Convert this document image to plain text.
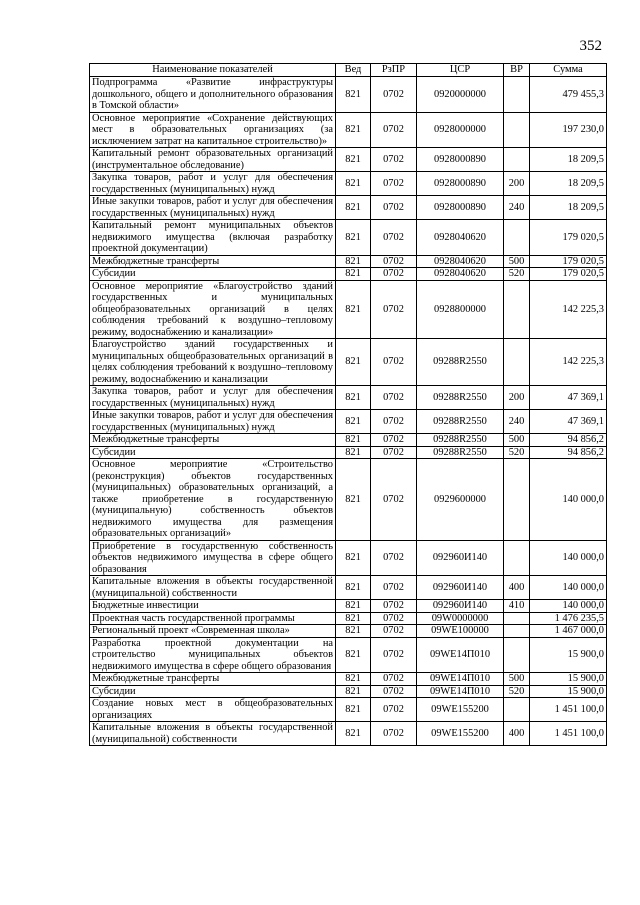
352
Наименование показателей	Вед	РзПР	ЦСР	ВР	Сумма
Подпрограмма «Развитие инфраструктуры дошкольного, общего и дополнительного образования в Томской области»	821	0702	0920000000		479 455,3
Основное мероприятие «Сохранение действующих мест в образовательных организациях (за исключением затрат на капитальное строительство)»	821	0702	0928000000		197 230,0
Капитальный ремонт образовательных организаций (инструментальное обследование)	821	0702	0928000890		18 209,5
Закупка товаров, работ и услуг для обеспечения государственных (муниципальных) нужд	821	0702	0928000890	200	18 209,5
Иные закупки товаров, работ и услуг для обеспечения государственных (муниципальных) нужд	821	0702	0928000890	240	18 209,5
Капитальный ремонт муниципальных объектов недвижимого имущества (включая разработку проектной документации)	821	0702	0928040620		179 020,5
Межбюджетные трансферты	821	0702	0928040620	500	179 020,5
Субсидии	821	0702	0928040620	520	179 020,5
Основное мероприятие «Благоустройство зданий государственных и муниципальных общеобразовательных организаций в целях соблюдения требований к воздушно–тепловому режиму, водоснабжению и канализации»	821	0702	0928800000		142 225,3
Благоустройство зданий государственных и муниципальных общеобразовательных организаций в целях соблюдения требований к воздушно–тепловому режиму, водоснабжению и канализации	821	0702	09288R2550		142 225,3
Закупка товаров, работ и услуг для обеспечения государственных (муниципальных) нужд	821	0702	09288R2550	200	47 369,1
Иные закупки товаров, работ и услуг для обеспечения государственных (муниципальных) нужд	821	0702	09288R2550	240	47 369,1
Межбюджетные трансферты	821	0702	09288R2550	500	94 856,2
Субсидии	821	0702	09288R2550	520	94 856,2
Основное мероприятие «Строительство (реконструкция) объектов государственных (муниципальных) образовательных организаций, а также приобретение в государственную (муниципальную) собственность объектов недвижимого имущества для размещения образовательных организаций»	821	0702	0929600000		140 000,0
Приобретение в государственную собственность объектов недвижимого имущества в сфере общего образования	821	0702	092960И140		140 000,0
Капитальные вложения в объекты государственной (муниципальной) собственности	821	0702	092960И140	400	140 000,0
Бюджетные инвестиции	821	0702	092960И140	410	140 000,0
Проектная часть государственной программы	821	0702	09W0000000		1 476 235,5
Региональный проект «Современная школа»	821	0702	09WE100000		1 467 000,0
Разработка проектной документации на строительство муниципальных объектов недвижимого имущества в сфере общего образования	821	0702	09WE14П010		15 900,0
Межбюджетные трансферты	821	0702	09WE14П010	500	15 900,0
Субсидии	821	0702	09WE14П010	520	15 900,0
Создание новых мест в общеобразовательных организациях	821	0702	09WE155200		1 451 100,0
Капитальные вложения в объекты государственной (муниципальной) собственности	821	0702	09WE155200	400	1 451 100,0
